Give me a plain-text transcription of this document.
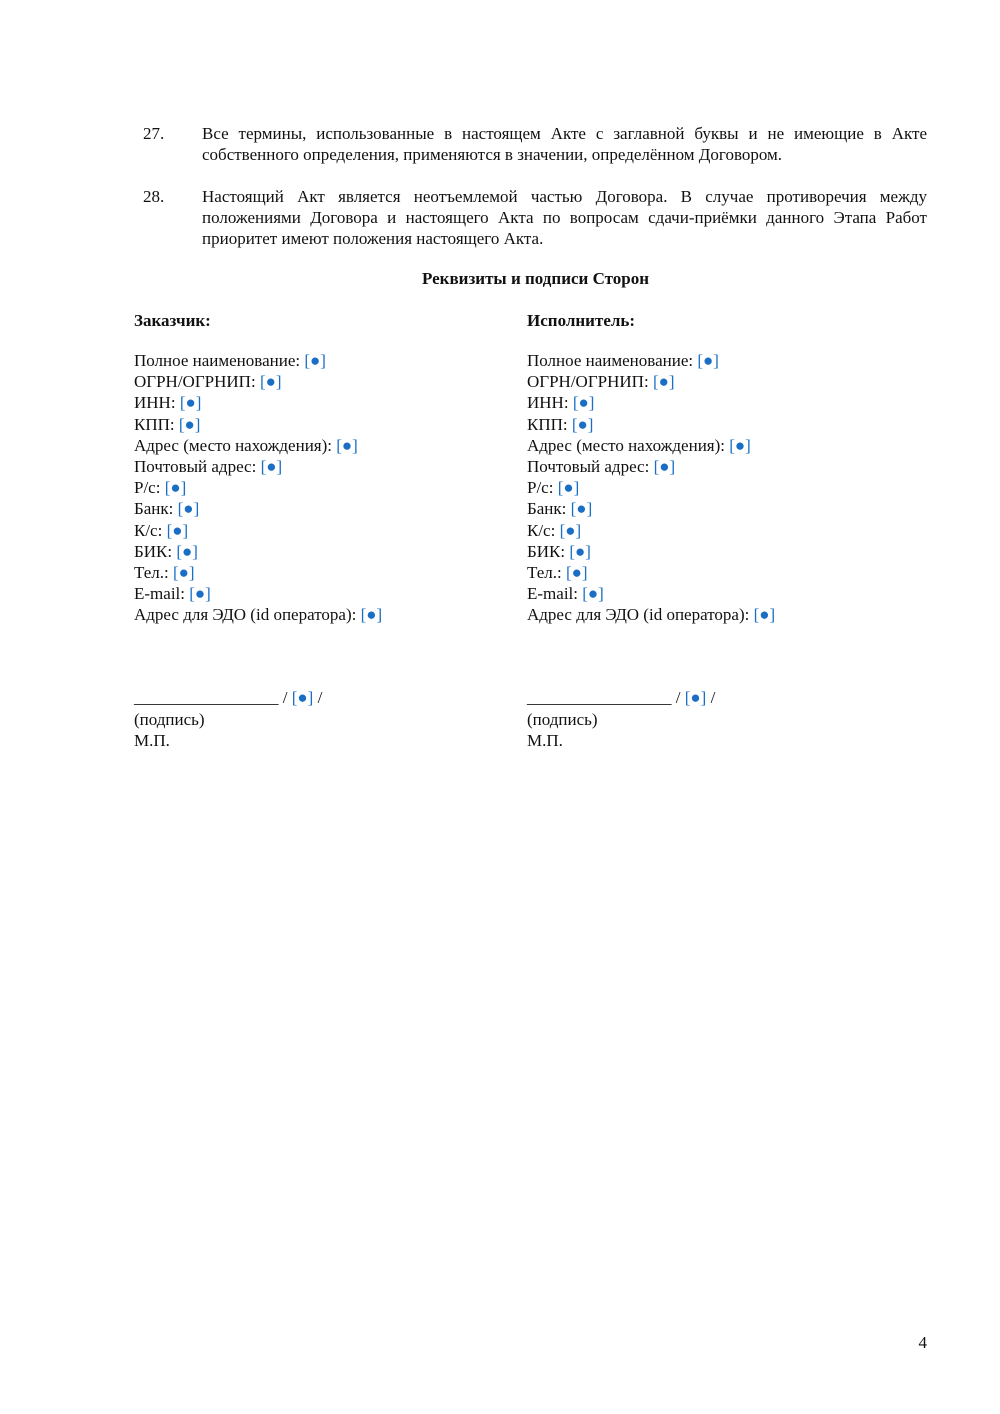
27. Все термины, использованные в настоящем Акте с заглавной буквы и не имеющие в Акте собственного определения, применяются в значении, определённом Договором.
28. Настоящий Акт является неотъемлемой частью Договора. В случае противоречия между положениями Договора и настоящего Акта по вопросам сдачи-приёмки данного Этапа Работ приоритет имеют положения настоящего Акта.
Реквизиты и подписи Сторон
Заказчик:
Полное наименование: [●]
ОГРН/ОГРНИП: [●]
ИНН: [●]
КПП: [●]
Адрес (место нахождения): [●]
Почтовый адрес: [●]
Р/с: [●]
Банк: [●]
К/с: [●]
БИК: [●]
Тел.: [●]
E-mail: [●]
Адрес для ЭДО (id оператора): [●]
_________________ / [●] /
(подпись)
М.П.
Исполнитель:
Полное наименование: [●]
ОГРН/ОГРНИП: [●]
ИНН: [●]
КПП: [●]
Адрес (место нахождения): [●]
Почтовый адрес: [●]
Р/с: [●]
Банк: [●]
К/с: [●]
БИК: [●]
Тел.: [●]
E-mail: [●]
Адрес для ЭДО (id оператора): [●]
_________________ / [●] /
(подпись)
М.П.
4
